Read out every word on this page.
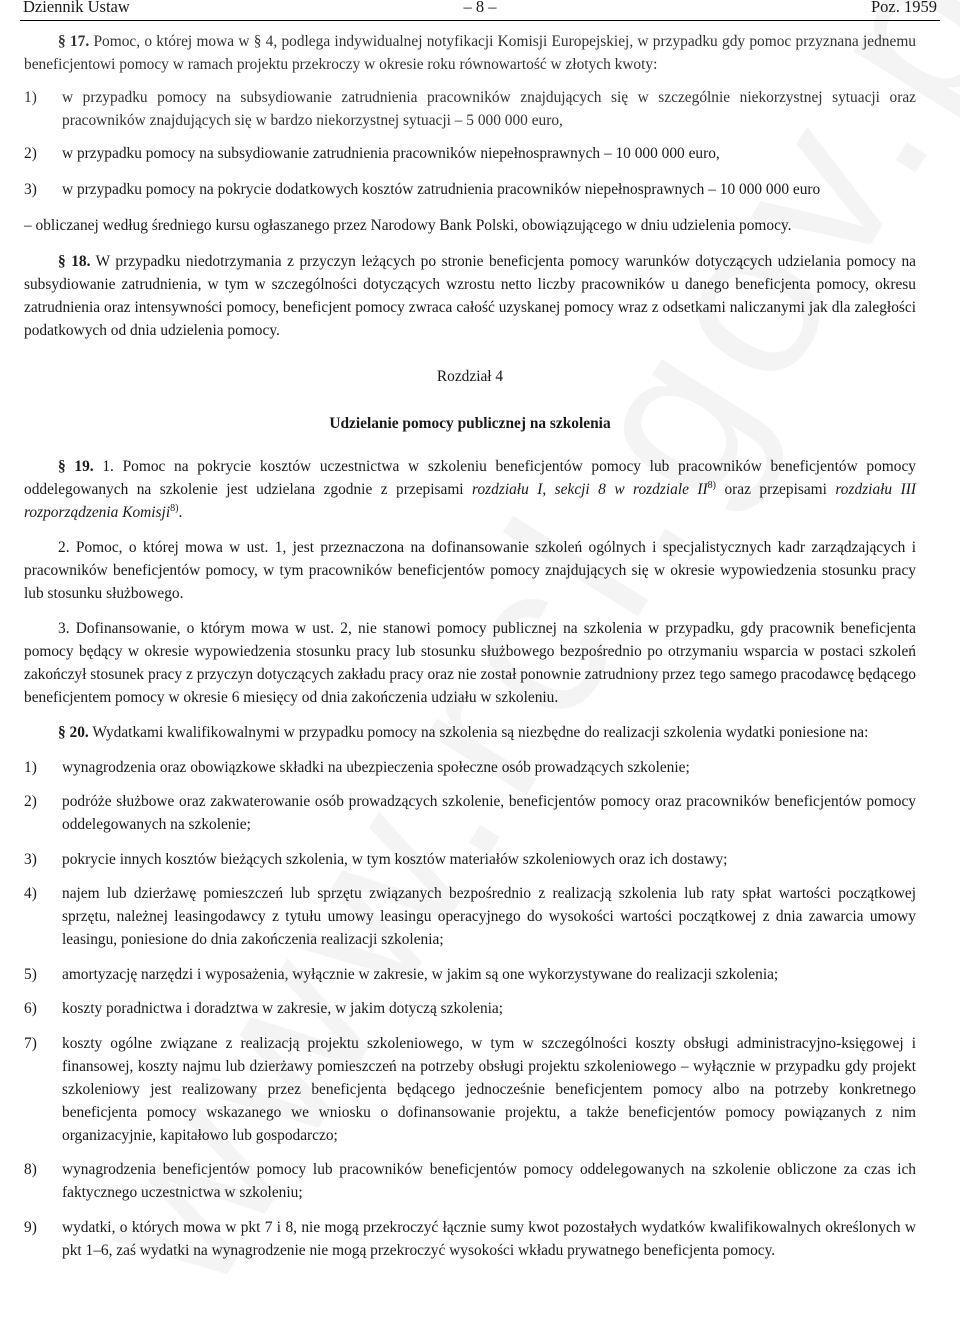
Dziennik Ustaw	– 8 –	Poz. 1959

§ 17. Pomoc, o której mowa w § 4, podlega indywidualnej notyfikacji Komisji Europejskiej, w przypadku gdy pomoc przyznana jednemu beneficjentowi pomocy w ramach projektu przekroczy w okresie roku równowartość w złotych kwoty:

1) w przypadku pomocy na subsydiowanie zatrudnienia pracowników znajdujących się w szczególnie niekorzystnej sytuacji oraz pracowników znajdujących się w bardzo niekorzystnej sytuacji – 5 000 000 euro,
2) w przypadku pomocy na subsydiowanie zatrudnienia pracowników niepełnosprawnych – 10 000 000 euro,
3) w przypadku pomocy na pokrycie dodatkowych kosztów zatrudnienia pracowników niepełnosprawnych – 10 000 000 euro

– obliczanej według średniego kursu ogłaszanego przez Narodowy Bank Polski, obowiązującego w dniu udzielenia pomocy.

§ 18. W przypadku niedotrzymania z przyczyn leżących po stronie beneficjenta pomocy warunków dotyczących udzielania pomocy na subsydiowanie zatrudnienia, w tym w szczególności dotyczących wzrostu netto liczby pracowników u danego beneficjenta pomocy, okresu zatrudnienia oraz intensywności pomocy, beneficjent pomocy zwraca całość uzyskanej pomocy wraz z odsetkami naliczanymi jak dla zaległości podatkowych od dnia udzielenia pomocy.

Rozdział 4

Udzielanie pomocy publicznej na szkolenia

§ 19. 1. Pomoc na pokrycie kosztów uczestnictwa w szkoleniu beneficjentów pomocy lub pracowników beneficjentów pomocy oddelegowanych na szkolenie jest udzielana zgodnie z przepisami rozdziału I, sekcji 8 w rozdziale II$^{8)}$ oraz przepisami rozdziału III rozporządzenia Komisji$^{8)}$.

2. Pomoc, o której mowa w ust. 1, jest przeznaczona na dofinansowanie szkoleń ogólnych i specjalistycznych kadr zarządzających i pracowników beneficjentów pomocy, w tym pracowników beneficjentów pomocy znajdujących się w okresie wypowiedzenia stosunku pracy lub stosunku służbowego.

3. Dofinansowanie, o którym mowa w ust. 2, nie stanowi pomocy publicznej na szkolenia w przypadku, gdy pracownik beneficjenta pomocy będący w okresie wypowiedzenia stosunku pracy lub stosunku służbowego bezpośrednio po otrzymaniu wsparcia w postaci szkoleń zakończył stosunek pracy z przyczyn dotyczących zakładu pracy oraz nie został ponownie zatrudniony przez tego samego pracodawcę będącego beneficjentem pomocy w okresie 6 miesięcy od dnia zakończenia udziału w szkoleniu.

§ 20. Wydatkami kwalifikowalnymi w przypadku pomocy na szkolenia są niezbędne do realizacji szkolenia wydatki poniesione na:

1) wynagrodzenia oraz obowiązkowe składki na ubezpieczenia społeczne osób prowadzących szkolenie;
2) podróże służbowe oraz zakwaterowanie osób prowadzących szkolenie, beneficjentów pomocy oraz pracowników beneficjentów pomocy oddelegowanych na szkolenie;
3) pokrycie innych kosztów bieżących szkolenia, w tym kosztów materiałów szkoleniowych oraz ich dostawy;
4) najem lub dzierżawę pomieszczeń lub sprzętu związanych bezpośrednio z realizacją szkolenia lub raty spłat wartości początkowej sprzętu, należnej leasingodawcy z tytułu umowy leasingu operacyjnego do wysokości wartości początkowej z dnia zawarcia umowy leasingu, poniesione do dnia zakończenia realizacji szkolenia;
5) amortyzację narzędzi i wyposażenia, wyłącznie w zakresie, w jakim są one wykorzystywane do realizacji szkolenia;
6) koszty poradnictwa i doradztwa w zakresie, w jakim dotyczą szkolenia;
7) koszty ogólne związane z realizacją projektu szkoleniowego, w tym w szczególności koszty obsługi administracyjno-księgowej i finansowej, koszty najmu lub dzierżawy pomieszczeń na potrzeby obsługi projektu szkoleniowego – wyłącznie w przypadku gdy projekt szkoleniowy jest realizowany przez beneficjenta będącego jednocześnie beneficjentem pomocy albo na potrzeby konkretnego beneficjenta pomocy wskazanego we wniosku o dofinansowanie projektu, a także beneficjentów pomocy powiązanych z nim organizacyjnie, kapitałowo lub gospodarczo;
8) wynagrodzenia beneficjentów pomocy lub pracowników beneficjentów pomocy oddelegowanych na szkolenie obliczone za czas ich faktycznego uczestnictwa w szkoleniu;
9) wydatki, o których mowa w pkt 7 i 8, nie mogą przekroczyć łącznie sumy kwot pozostałych wydatków kwalifikowalnych określonych w pkt 1–6, zaś wydatki na wynagrodzenie nie mogą przekroczyć wysokości wkładu prywatnego beneficjenta pomocy.
